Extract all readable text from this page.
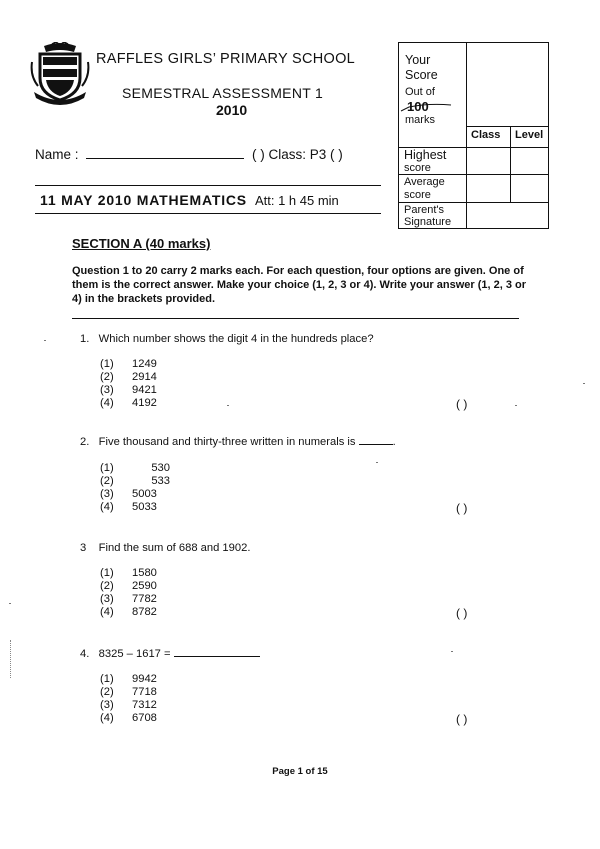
RAFFLES GIRLS’ PRIMARY SCHOOL
SEMESTRAL ASSESSMENT 1
2010
Name :	( ) Class: P3 ( )
11 MAY 2010 MATHEMATICS Att: 1 h 45 min
Your Score
Out of
100
marks
Class Level
Highest
score
Average
score
Parent's
Signature
SECTION A (40 marks)
Question 1 to 20 carry 2 marks each. For each question, four options are given. One of them is the correct answer. Make your choice (1, 2, 3 or 4). Write your answer (1, 2, 3 or 4) in the brackets provided.
1. Which number shows the digit 4 in the hundreds place?
(1) 1249
(2) 2914
(3) 9421
(4) 4192	( )
2. Five thousand and thirty-three written in numerals is	.
(1)	530
(2)	533
(3) 5003
(4) 5033	( )
3 Find the sum of 688 and 1902.
(1) 1580
(2) 2590
(3) 7782
(4) 8782	( )
4. 8325 – 1617 =
(1) 9942
(2) 7718
(3) 7312
(4) 6708	( )
Page 1 of 15
